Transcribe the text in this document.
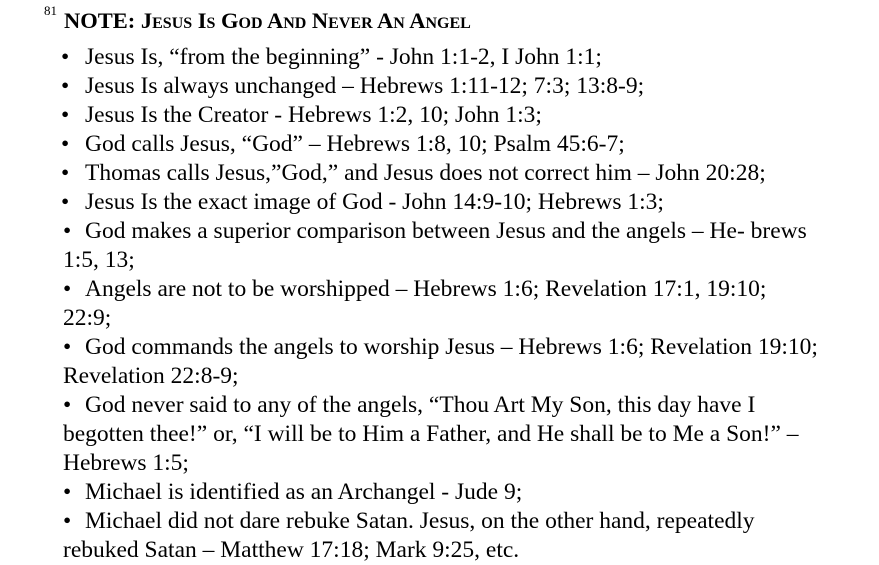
81 NOTE: Jesus Is God And Never An Angel
• Jesus Is, “from the beginning” - John 1:1-2, I John 1:1;
• Jesus Is always unchanged – Hebrews 1:11-12; 7:3; 13:8-9;
• Jesus Is the Creator - Hebrews 1:2, 10; John 1:3;
• God calls Jesus, “God” – Hebrews 1:8, 10; Psalm 45:6-7;
• Thomas calls Jesus,”God,” and Jesus does not correct him – John 20:28;
• Jesus Is the exact image of God - John 14:9-10; Hebrews 1:3;
• God makes a superior comparison between Jesus and the angels – He- brews 1:5, 13;
• Angels are not to be worshipped – Hebrews 1:6; Revelation 17:1, 19:10; 22:9;
• God commands the angels to worship Jesus – Hebrews 1:6; Revelation 19:10; Revelation 22:8-9;
• God never said to any of the angels, “Thou Art My Son, this day have I begotten thee!” or, “I will be to Him a Father, and He shall be to Me a Son!” – Hebrews 1:5;
• Michael is identified as an Archangel - Jude 9;
• Michael did not dare rebuke Satan. Jesus, on the other hand, repeatedly rebuked Satan – Matthew 17:18; Mark 9:25, etc.
